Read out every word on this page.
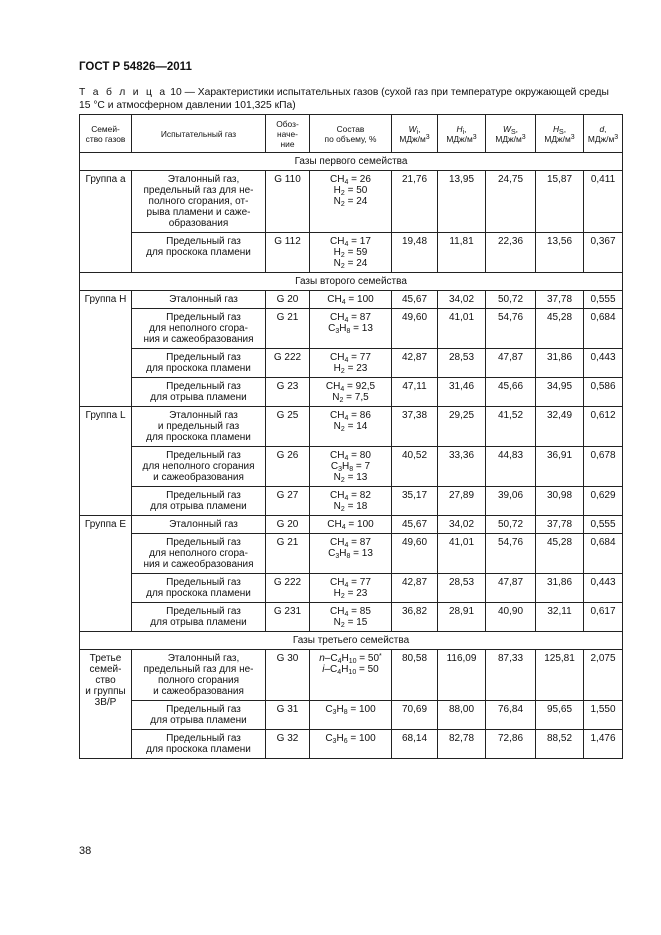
ГОСТ Р 54826—2011
Т а б л и ц а 10 — Характеристики испытательных газов (сухой газ при температуре окружающей среды 15 °С и атмосферном давлении 101,325 кПа)
Семей-
ство газов	Испытательный газ	Обоз-
наче-
ние	Состав
по объему, %	$W_i$,
МДж/$м^3$	$H_i$,
МДж/$м^3$	$W_S$,
МДж/$м^3$	$H_S$,
МДж/$м^3$	d,
МДж/$м^3$
Газы первого семейства								
Группа а	Эталонный газ,
предельный газ для не-
полного сгорания, от-
рыва пламени и саже-
образования	G 110	$CH_4 = 26$
$H_2 = 50$
$N_2 = 24$	21,76	13,95	24,75	15,87	0,411

	Предельный газ
для проскока пламени	G 112	$CH_4 = 17$
$H_2 = 59$
$N_2 = 24$	19,48	11,81	22,36	13,56	0,367
Газы второго семейства								
Группа Н	Эталонный газ	G 20	$CH_4 = 100$	45,67	34,02	50,72	37,78	0,555

	Предельный газ
для неполного сгора-
ния и сажеобразования	G 21	$CH_4 = 87$
$C_3H_8 = 13$	49,60	41,01	54,76	45,28	0,684

	Предельный газ
для проскока пламени	G 222	$CH_4 = 77$
$H_2 = 23$	42,87	28,53	47,87	31,86	0,443

	Предельный газ
для отрыва пламени	G 23	$CH_4 = 92,5$
$N_2 = 7,5$	47,11	31,46	45,66	34,95	0,586
Группа L	Эталонный газ
и предельный газ
для проскока пламени	G 25	$CH_4 = 86$
$N_2 = 14$	37,38	29,25	41,52	32,49	0,612

	Предельный газ
для неполного сгорания
и сажеобразования	G 26	$CH_4 = 80$
$C_3H_8 = 7$
$N_2 = 13$	40,52	33,36	44,83	36,91	0,678

	Предельный газ
для отрыва пламени	G 27	$CH_4 = 82$
$N_2 = 18$	35,17	27,89	39,06	30,98	0,629
Группа Е	Эталонный газ	G 20	$CH_4 = 100$	45,67	34,02	50,72	37,78	0,555

	Предельный газ
для неполного сгора-
ния и сажеобразования	G 21	$CH_4 = 87$
$C_3H_8 = 13$	49,60	41,01	54,76	45,28	0,684

	Предельный газ
для проскока пламени	G 222	$CH_4 = 77$
$H_2 = 23$	42,87	28,53	47,87	31,86	0,443

	Предельный газ
для отрыва пламени	G 231	$CH_4 = 85$
$N_2 = 15$	36,82	28,91	40,90	32,11	0,617
Газы третьего семейства								

Третье
семей-
ство
и группы
3В/Р	Эталонный газ,
предельный газ для не-
полного сгорания
и сажеобразования	G 30	$n-C_4H_{10} = 50^*$
$i-C_4H_{10} = 50$	80,58	116,09	87,33	125,81	2,075

	Предельный газ
для отрыва пламени	G 31	$C_3H_8 = 100$	70,69	88,00	76,84	95,65	1,550

	Предельный газ
для проскока пламени	G 32	$C_3H_6 = 100$	68,14	82,78	72,86	88,52	1,476
38
